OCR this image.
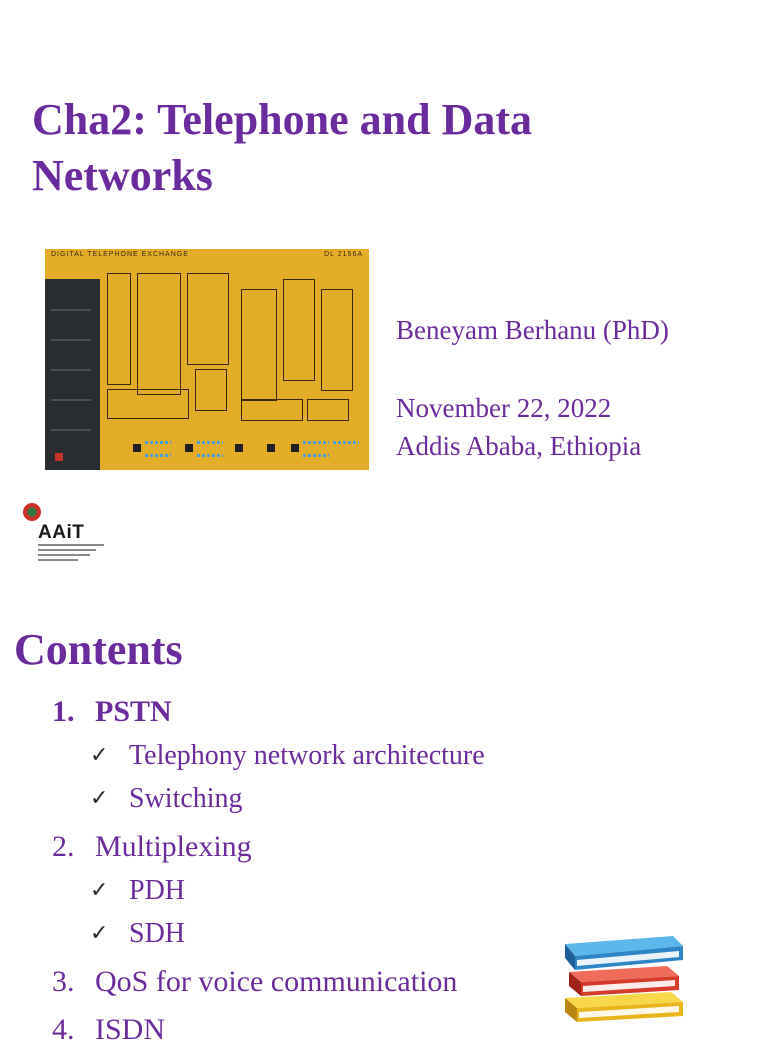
Cha2: Telephone and Data Networks
DIGITAL TELEPHONE EXCHANGE	DL 2156A
Beneyam Berhanu (PhD)
November 22, 2022
Addis Ababa, Ethiopia
AAiT
Contents
1. PSTN
✓ Telephony network architecture
✓ Switching
2. Multiplexing
✓ PDH
✓ SDH
3. QoS for voice communication
4. ISDN
